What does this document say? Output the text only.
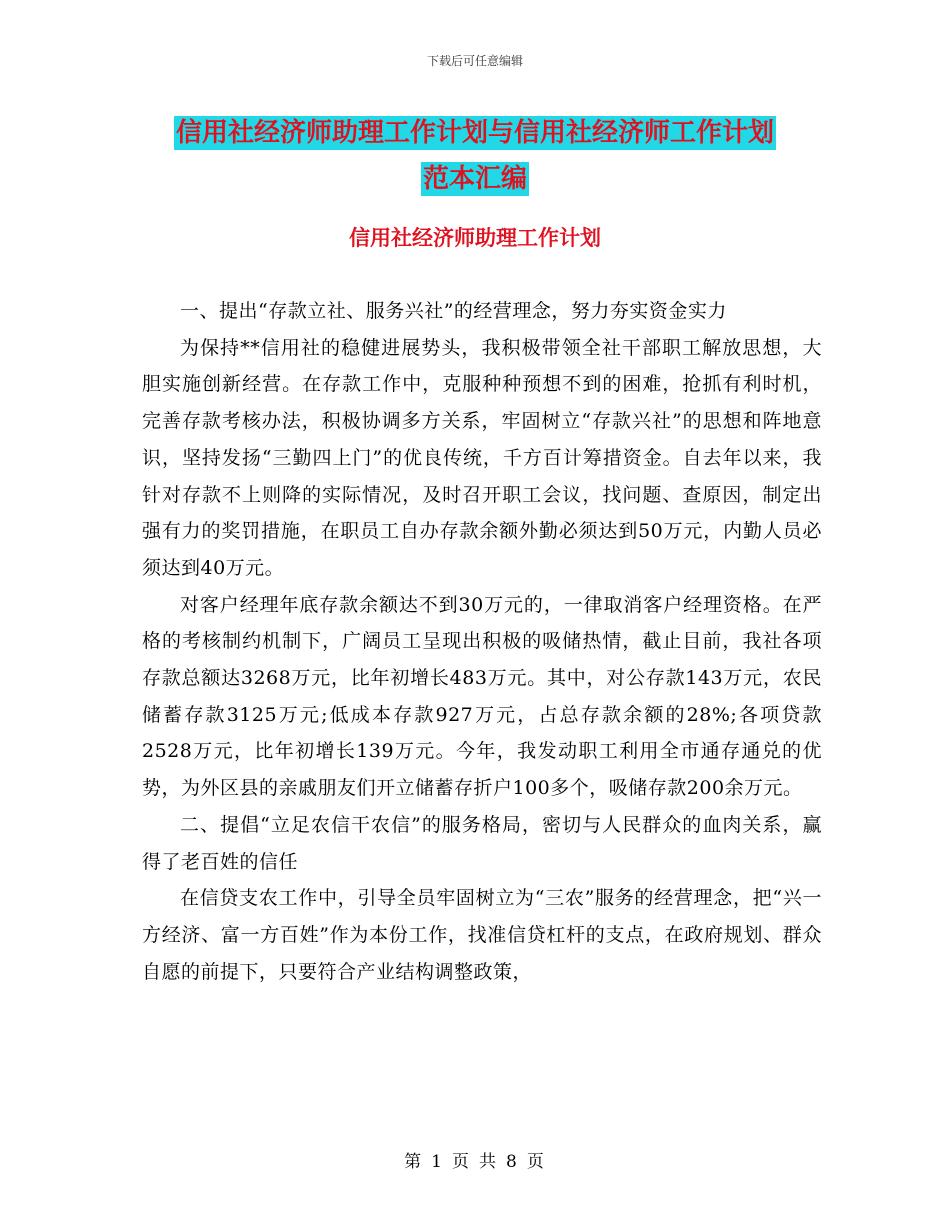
下载后可任意编辑
信用社经济师助理工作计划与信用社经济师工作计划
范本汇编
信用社经济师助理工作计划

一、提出“存款立社、服务兴社”的经营理念，努力夯实资金实力

为保持**信用社的稳健进展势头，我积极带领全社干部职工解放思想，大胆实施创新经营。在存款工作中，克服种种预想不到的困难，抢抓有利时机，完善存款考核办法，积极协调多方关系，牢固树立“存款兴社”的思想和阵地意识，坚持发扬“三勤四上门”的优良传统，千方百计筹措资金。自去年以来，我针对存款不上则降的实际情况，及时召开职工会议，找问题、查原因，制定出强有力的奖罚措施，在职员工自办存款余额外勤必须达到50万元，内勤人员必须达到40万元。

对客户经理年底存款余额达不到30万元的，一律取消客户经理资格。在严格的考核制约机制下，广阔员工呈现出积极的吸储热情，截止目前，我社各项存款总额达3268万元，比年初增长483万元。其中，对公存款143万元，农民储蓄存款3125万元;低成本存款927万元，占总存款余额的28%;各项贷款2528万元，比年初增长139万元。今年，我发动职工利用全市通存通兑的优势，为外区县的亲戚朋友们开立储蓄存折户100多个，吸储存款200余万元。

二、提倡“立足农信干农信”的服务格局，密切与人民群众的血肉关系，赢得了老百姓的信任

在信贷支农工作中，引导全员牢固树立为“三农”服务的经营理念，把“兴一方经济、富一方百姓”作为本份工作，找准信贷杠杆的支点，在政府规划、群众自愿的前提下，只要符合产业结构调整政策，

第 1 页 共 8 页
